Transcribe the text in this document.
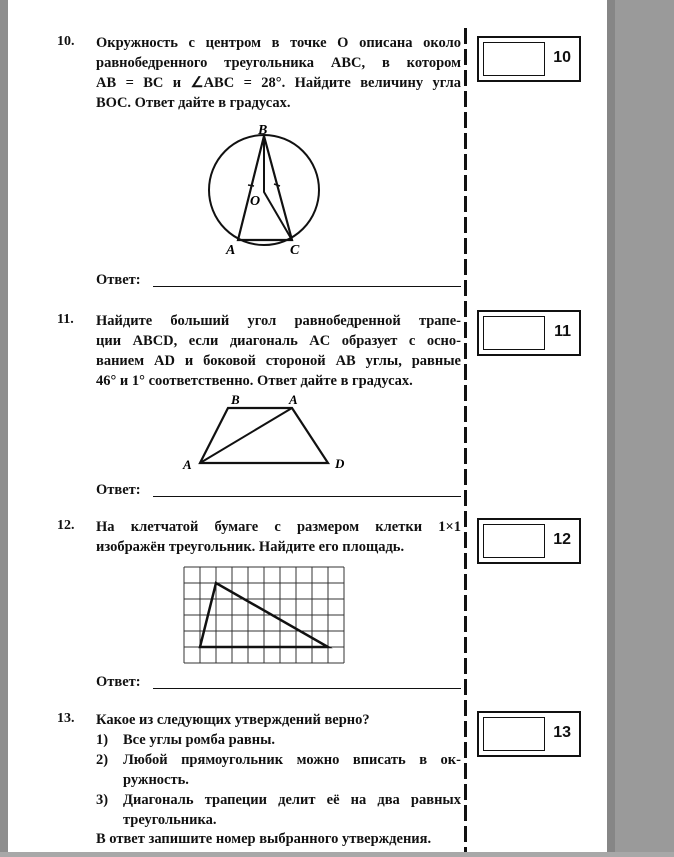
10.	Окружность с центром в точке O описана около
равнобедренного треугольника ABC, в котором
AB = BC и ∠ABC = 28°. Найдите величину угла
BOC. Ответ дайте в градусах.
B
O
A	C
Ответ:
10
11.	Найдите больший угол равнобедренной трапе-
ции ABCD, если диагональ AC образует с осно-
ванием AD и боковой стороной AB углы, равные
46° и 1° соответственно. Ответ дайте в градусах.
B	A
A	D
Ответ:
11
12.	На клетчатой бумаге с размером клетки 1×1
изображён треугольник. Найдите его площадь.
Ответ:
12
13.	Какое из следующих утверждений верно?
1) Все углы ромба равны.
2) Любой прямоугольник можно вписать в ок-
ружность.
3) Диагональ трапеции делит её на два равных
треугольника.
В ответ запишите номер выбранного утверждения.
13
